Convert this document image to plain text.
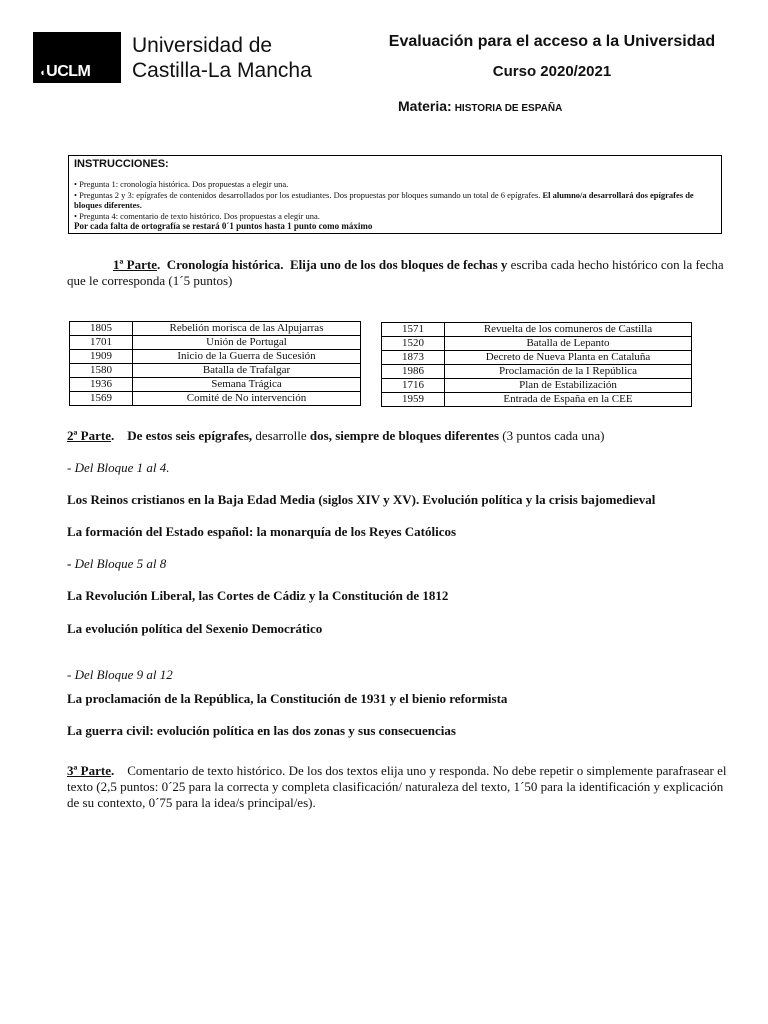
◖UCLM
Universidad de
Castilla-La Mancha
Evaluación para el acceso a la Universidad
Curso 2020/2021
Materia: HISTORIA DE ESPAÑA
INSTRUCCIONES:
• Pregunta 1: cronología histórica. Dos propuestas a elegir una.
• Preguntas 2 y 3: epígrafes de contenidos desarrollados por los estudiantes. Dos propuestas por bloques sumando un total de 6 epígrafes. El alumno/a desarrollará dos epígrafes de bloques diferentes.
• Pregunta 4: comentario de texto histórico. Dos propuestas a elegir una.
Por cada falta de ortografía se restará 0´1 puntos hasta 1 punto como máximo
1ª Parte.  Cronología histórica. Elija uno de los dos bloques de fechas y escriba cada hecho histórico con la fecha que le corresponda (1´5 puntos)
1805	Rebelión morisca de las Alpujarras
1701	Unión de Portugal
1909	Inicio de la Guerra de Sucesión
1580	Batalla de Trafalgar
1936	Semana Trágica
1569	Comité de No intervención
1571	Revuelta de los comuneros de Castilla
1520	Batalla de Lepanto
1873	Decreto de Nueva Planta en Cataluña
1986	Proclamación de la I República
1716	Plan de Estabilización
1959	Entrada de España en la CEE
2ª Parte.    De estos seis epígrafes, desarrolle dos, siempre de bloques diferentes (3 puntos cada una)
- Del Bloque 1 al 4.
Los Reinos cristianos en la Baja Edad Media (siglos XIV y XV). Evolución política y la crisis bajomedieval
La formación del Estado español: la monarquía de los Reyes Católicos
- Del Bloque 5 al 8
La Revolución Liberal, las Cortes de Cádiz y la Constitución de 1812
La evolución política del Sexenio Democrático
- Del Bloque 9 al 12
La proclamación de la República, la Constitución de 1931 y el bienio reformista
La guerra civil: evolución política en las dos zonas y sus consecuencias
3ª Parte.    Comentario de texto histórico. De los dos textos elija uno y responda. No debe repetir o simplemente parafrasear el texto (2,5 puntos: 0´25 para la correcta y completa clasificación/ naturaleza del texto, 1´50 para la identificación y explicación de su contexto, 0´75 para la idea/s principal/es).
